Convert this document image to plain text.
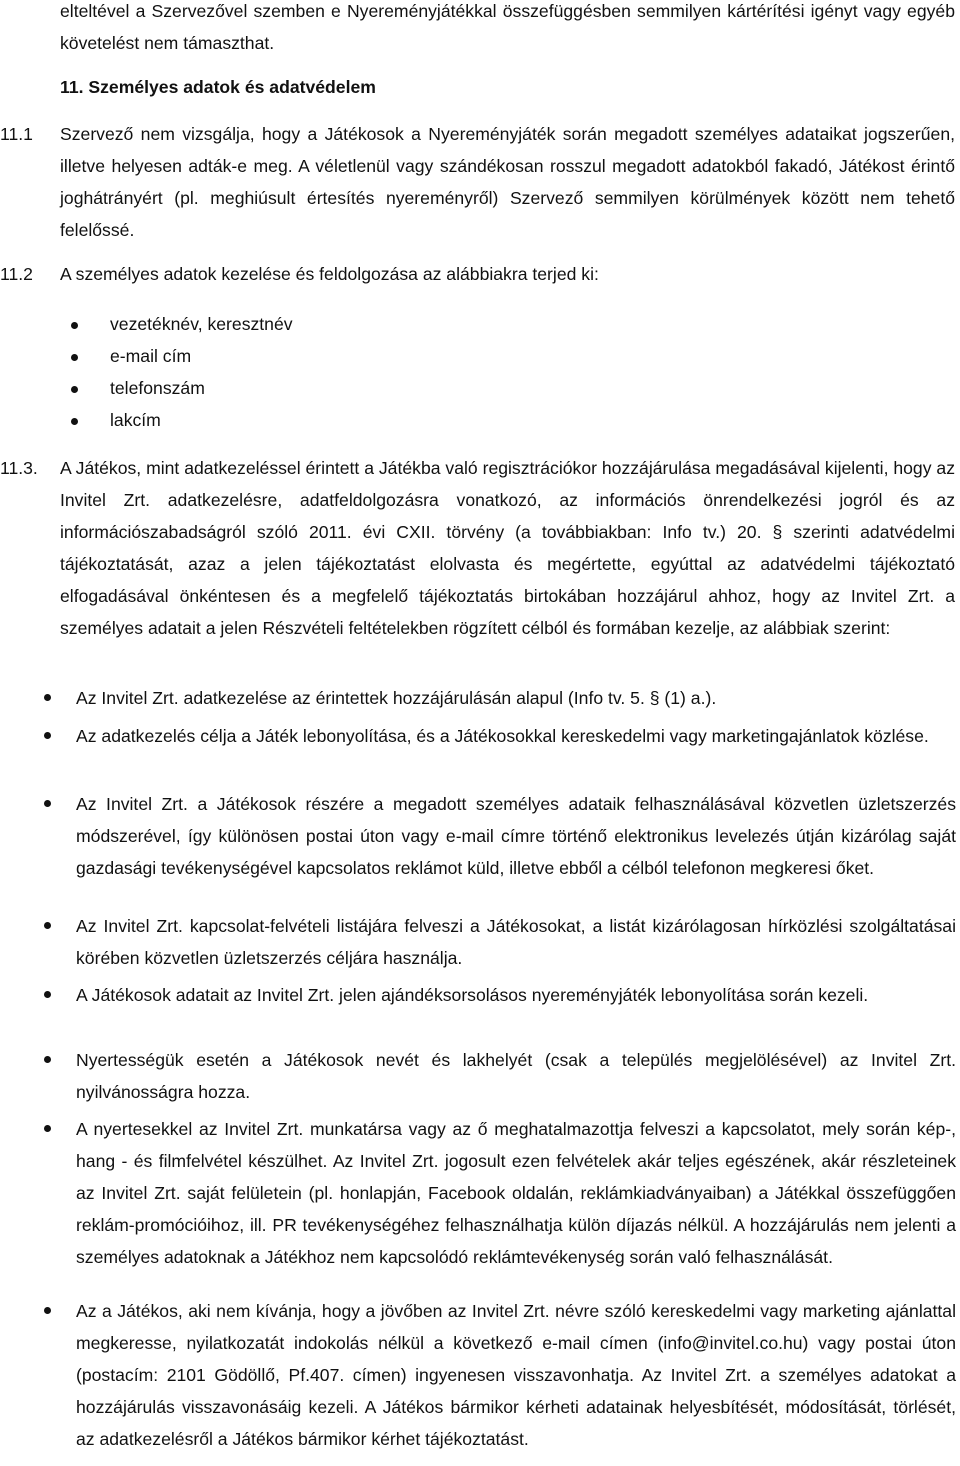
elteltével a Szervezővel szemben e Nyereményjátékkal összefüggésben semmilyen kártérítési igényt vagy egyéb követelést nem támaszthat.

11. Személyes adatok és adatvédelem

11.1 Szervező nem vizsgálja, hogy a Játékosok a Nyereményjáték során megadott személyes adataikat jogszerűen, illetve helyesen adták-e meg. A véletlenül vagy szándékosan rosszul megadott adatokból fakadó, Játékost érintő joghátrányért (pl. meghiúsult értesítés nyereményről) Szervező semmilyen körülmények között nem tehető felelőssé.

11.2 A személyes adatok kezelése és feldolgozása az alábbiakra terjed ki:

vezetéknév, keresztnév

e-mail cím

telefonszám

lakcím

11.3. A Játékos, mint adatkezeléssel érintett a Játékba való regisztrációkor hozzájárulása megadásával kijelenti, hogy az Invitel Zrt. adatkezelésre, adatfeldolgozásra vonatkozó, az információs önrendelkezési jogról és az információszabadságról szóló 2011. évi CXII. törvény (a továbbiakban: Info tv.) 20. § szerinti adatvédelmi tájékoztatását, azaz a jelen tájékoztatást elolvasta és megértette, egyúttal az adatvédelmi tájékoztató elfogadásával önkéntesen és a megfelelő tájékoztatás birtokában hozzájárul ahhoz, hogy az Invitel Zrt. a személyes adatait a jelen Részvételi feltételekben rögzített célból és formában kezelje, az alábbiak szerint:

Az Invitel Zrt. adatkezelése az érintettek hozzájárulásán alapul (Info tv. 5. § (1) a.).

Az adatkezelés célja a Játék lebonyolítása, és a Játékosokkal kereskedelmi vagy marketingajánlatok közlése.

Az Invitel Zrt. a Játékosok részére a megadott személyes adataik felhasználásával közvetlen üzletszerzés módszerével, így különösen postai úton vagy e-mail címre történő elektronikus levelezés útján kizárólag saját gazdasági tevékenységével kapcsolatos reklámot küld, illetve ebből a célból telefonon megkeresi őket.

Az Invitel Zrt. kapcsolat-felvételi listájára felveszi a Játékosokat, a listát kizárólagosan hírközlési szolgáltatásai körében közvetlen üzletszerzés céljára használja.

A Játékosok adatait az Invitel Zrt. jelen ajándéksorsolásos nyereményjáték lebonyolítása során kezeli.

Nyertességük esetén a Játékosok nevét és lakhelyét (csak a település megjelölésével) az Invitel Zrt. nyilvánosságra hozza.

A nyertesekkel az Invitel Zrt. munkatársa vagy az ő meghatalmazottja felveszi a kapcsolatot, mely során kép-, hang - és filmfelvétel készülhet. Az Invitel Zrt. jogosult ezen felvételek akár teljes egészének, akár részleteinek az Invitel Zrt. saját felületein (pl. honlapján, Facebook oldalán, reklámkiadványaiban) a Játékkal összefüggően reklám-promócióihoz, ill. PR tevékenységéhez felhasználhatja külön díjazás nélkül. A hozzájárulás nem jelenti a személyes adatoknak a Játékhoz nem kapcsolódó reklámtevékenység során való felhasználását.

Az a Játékos, aki nem kívánja, hogy a jövőben az Invitel Zrt. névre szóló kereskedelmi vagy marketing ajánlattal megkeresse, nyilatkozatát indokolás nélkül a következő e-mail címen (info@invitel.co.hu) vagy postai úton (postacím: 2101 Gödöllő, Pf.407. címen) ingyenesen visszavonhatja. Az Invitel Zrt. a személyes adatokat a hozzájárulás visszavonásáig kezeli. A Játékos bármikor kérheti adatainak helyesbítését, módosítását, törlését, az adatkezelésről a Játékos bármikor kérhet tájékoztatást.
